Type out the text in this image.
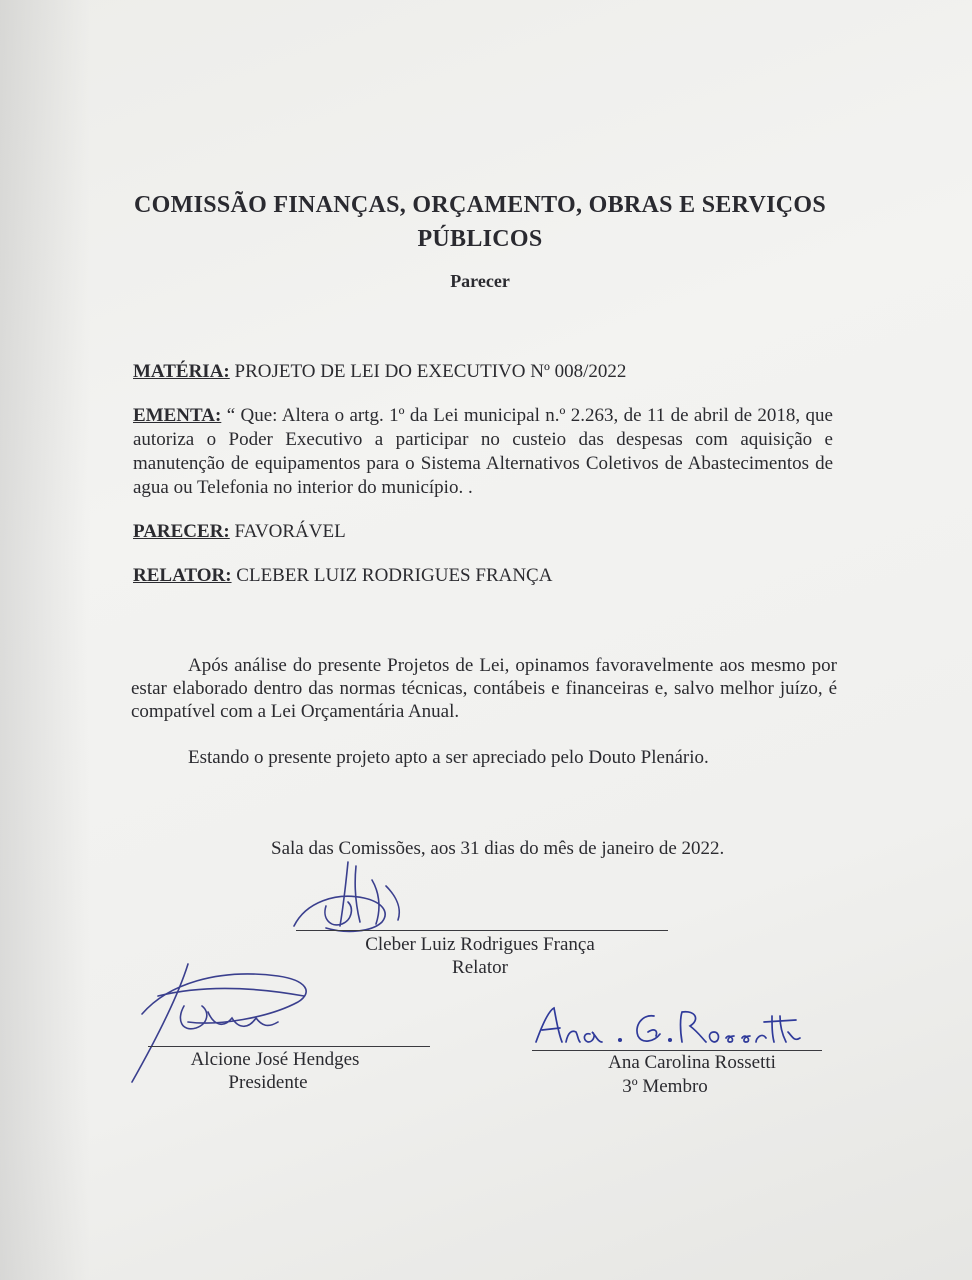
COMISSÃO FINANÇAS, ORÇAMENTO, OBRAS E SERVIÇOS PÚBLICOS
Parecer
MATÉRIA: PROJETO DE LEI DO EXECUTIVO Nº 008/2022
EMENTA: “ Que: Altera o artg. 1º da Lei municipal n.º 2.263, de 11 de abril de 2018, que autoriza o Poder Executivo a participar no custeio das despesas com aquisição e manutenção de equipamentos para o Sistema Alternativos Coletivos de Abastecimentos de agua ou Telefonia no interior do município. .
PARECER: FAVORÁVEL
RELATOR: CLEBER LUIZ RODRIGUES FRANÇA
Após análise do presente Projetos de Lei, opinamos favoravelmente aos mesmo por estar elaborado dentro das normas técnicas, contábeis e financeiras e, salvo melhor juízo, é compatível com a Lei Orçamentária Anual.
Estando o presente projeto apto a ser apreciado pelo Douto Plenário.
Sala das Comissões, aos 31 dias do mês de janeiro de 2022.
Cleber Luiz Rodrigues França
Relator
Alcione José Hendges
Presidente
Ana Carolina Rossetti
3º Membro
